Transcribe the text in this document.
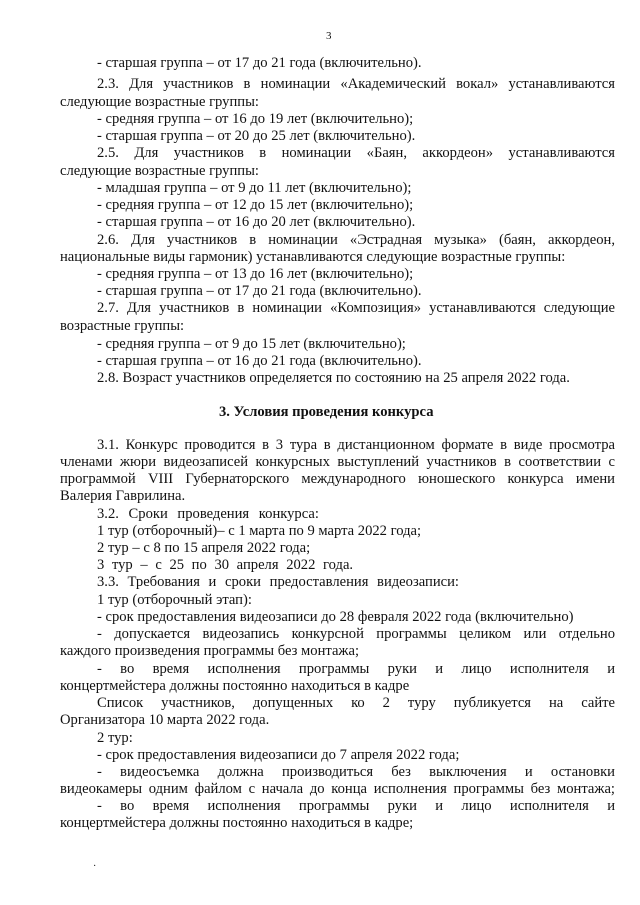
3
- старшая группа – от 17 до 21 года (включительно).
2.3. Для участников в номинации «Академический вокал» устанавливаются
следующие возрастные группы:
- средняя группа – от 16 до 19 лет (включительно);
- старшая группа – от 20 до 25 лет (включительно).
2.5. Для участников в номинации «Баян, аккордеон» устанавливаются
следующие возрастные группы:
- младшая группа – от 9 до 11 лет (включительно);
- средняя группа – от 12 до 15 лет (включительно);
- старшая группа – от 16 до 20 лет (включительно).
2.6. Для участников в номинации «Эстрадная музыка» (баян, аккордеон,
национальные виды гармоник) устанавливаются следующие возрастные группы:
- средняя группа – от 13 до 16 лет (включительно);
- старшая группа – от 17 до 21 года (включительно).
2.7. Для участников в номинации «Композиция» устанавливаются следующие
возрастные группы:
- средняя группа – от 9 до 15 лет (включительно);
- старшая группа – от 16 до 21 года (включительно).
2.8. Возраст участников определяется по состоянию на 25 апреля 2022 года.
3. Условия проведения конкурса
3.1. Конкурс проводится в 3 тура в дистанционном формате в виде просмотра
членами жюри видеозаписей конкурсных выступлений участников в соответствии с
программой VIII Губернаторского международного юношеского конкурса имени
Валерия Гаврилина.
3.2. Сроки проведения конкурса:
1 тур (отборочный)– с 1 марта по 9 марта 2022 года;
2 тур – с 8 по 15 апреля 2022 года;
3 тур – с 25 по 30 апреля 2022 года.
3.3. Требования и сроки предоставления видеозаписи:
1 тур (отборочный этап):
- срок предоставления видеозаписи до 28 февраля 2022 года (включительно)
- допускается видеозапись конкурсной программы целиком или отдельно
каждого произведения программы без монтажа;
- во время исполнения программы руки и лицо исполнителя и
концертмейстера должны постоянно находиться в кадре
Список участников, допущенных ко 2 туру публикуется на сайте
Организатора 10 марта 2022 года.
2 тур:
- срок предоставления видеозаписи до 7 апреля 2022 года;
- видеосъемка должна производиться без выключения и остановки
видеокамеры одним файлом с начала до конца исполнения программы без монтажа;
- во время исполнения программы руки и лицо исполнителя и
концертмейстера должны постоянно находиться в кадре;
·
